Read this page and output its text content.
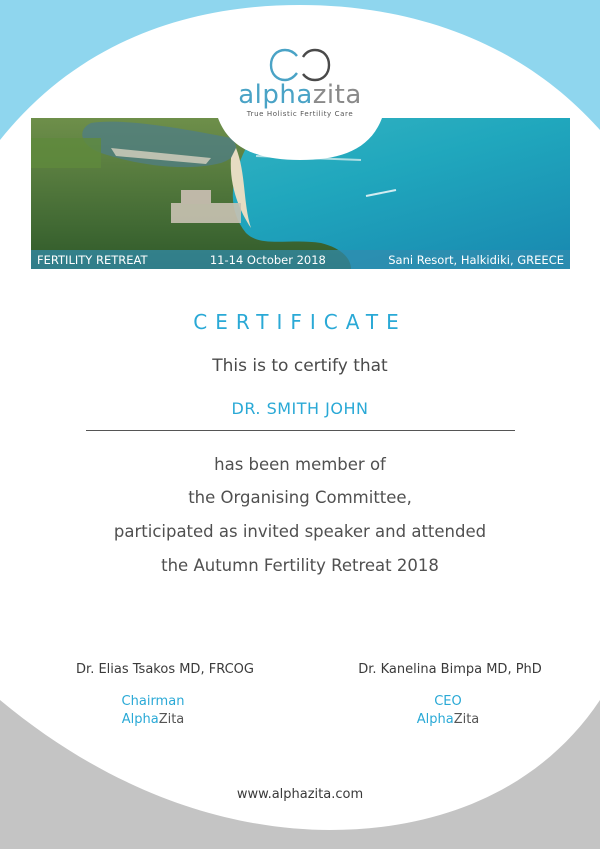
alphazita
True Holistic Fertility Care
FERTILITY RETREAT	11-14 October 2018	Sani Resort, Halkidiki, GREECE
CERTIFICATE
This is to certify that
DR. SMITH JOHN
has been member of
the Organising Committee,
participated as invited speaker and attended
the Autumn Fertility Retreat 2018
Dr. Elias Tsakos MD, FRCOG
Chairman
AlphaZita
Dr. Kanelina Bimpa MD, PhD
CEO
AlphaZita
www.alphazita.com
